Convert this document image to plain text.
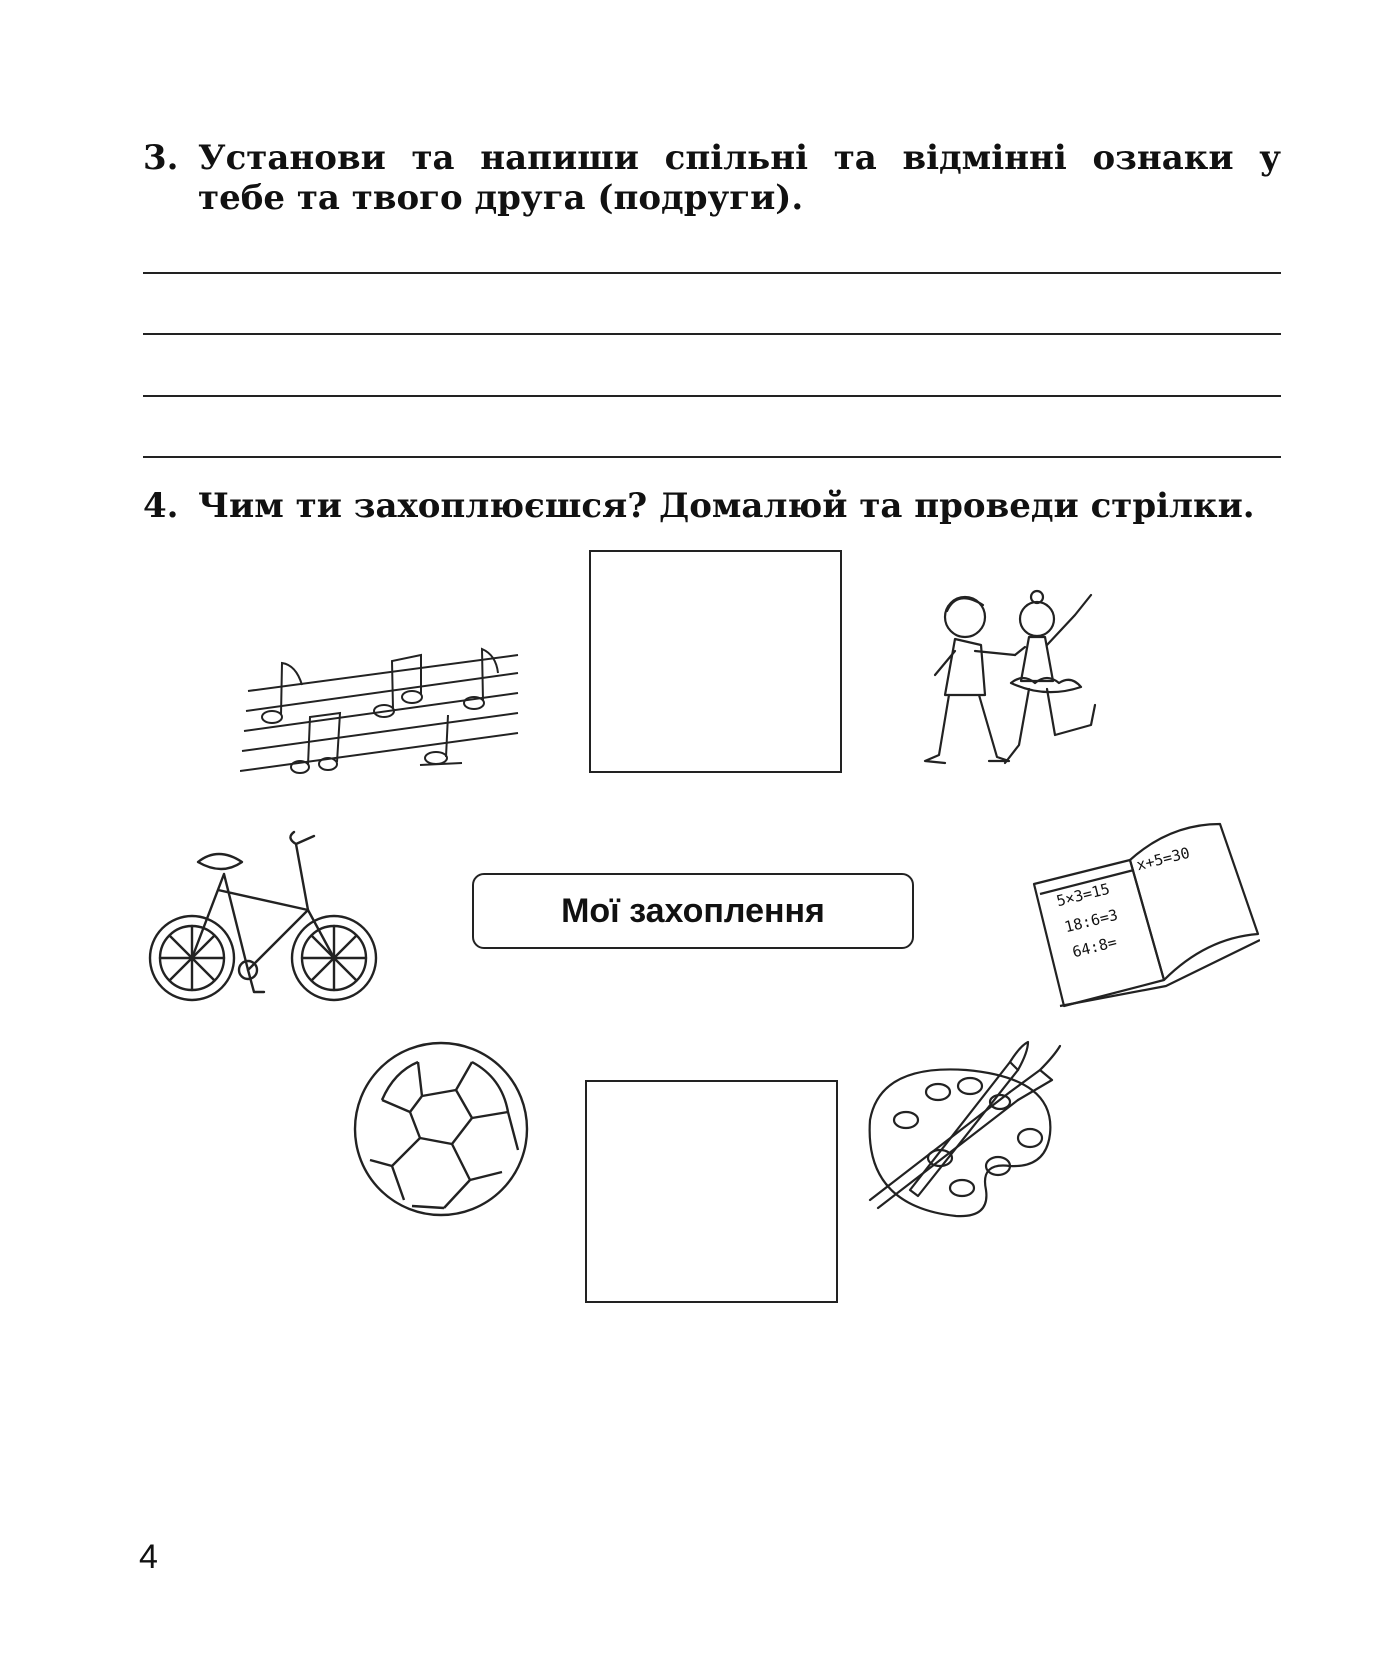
3. Установи та напиши спільні та відмінні ознаки у тебе та твого друга (подруги).
4. Чим ти захоплюєшся? Домалюй та проведи стрілки.
Мої захоплення	5×3=15
18:6=3
64:8=
x+5=30
4
